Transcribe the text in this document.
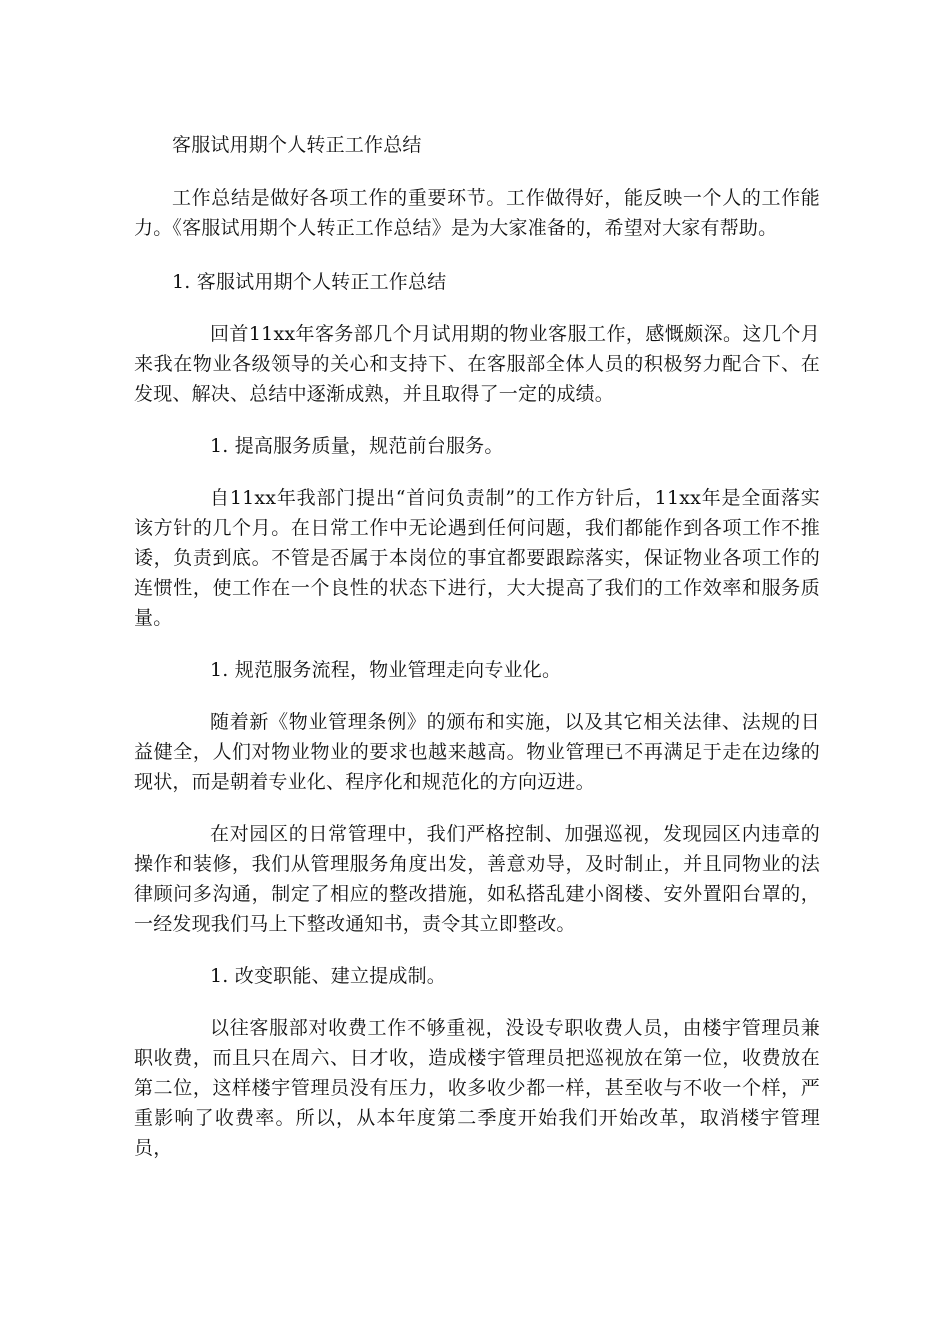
客服试用期个人转正工作总结

工作总结是做好各项工作的重要环节。工作做得好，能反映一个人的工作能力。《客服试用期个人转正工作总结》是为大家准备的，希望对大家有帮助。

1. 客服试用期个人转正工作总结

回首11xx年客务部几个月试用期的物业客服工作，感慨颇深。这几个月来我在物业各级领导的关心和支持下、在客服部全体人员的积极努力配合下、在发现、解决、总结中逐渐成熟，并且取得了一定的成绩。

1. 提高服务质量，规范前台服务。

自11xx年我部门提出“首问负责制”的工作方针后，11xx年是全面落实该方针的几个月。在日常工作中无论遇到任何问题，我们都能作到各项工作不推诿，负责到底。不管是否属于本岗位的事宜都要跟踪落实，保证物业各项工作的连惯性，使工作在一个良性的状态下进行，大大提高了我们的工作效率和服务质量。

1. 规范服务流程，物业管理走向专业化。

随着新《物业管理条例》的颁布和实施，以及其它相关法律、法规的日益健全，人们对物业物业的要求也越来越高。物业管理已不再满足于走在边缘的现状，而是朝着专业化、程序化和规范化的方向迈进。

在对园区的日常管理中，我们严格控制、加强巡视，发现园区内违章的操作和装修，我们从管理服务角度出发，善意劝导，及时制止，并且同物业的法律顾问多沟通，制定了相应的整改措施，如私搭乱建小阁楼、安外置阳台罩的，一经发现我们马上下整改通知书，责令其立即整改。

1. 改变职能、建立提成制。

以往客服部对收费工作不够重视，没设专职收费人员，由楼宇管理员兼职收费，而且只在周六、日才收，造成楼宇管理员把巡视放在第一位，收费放在第二位，这样楼宇管理员没有压力，收多收少都一样，甚至收与不收一个样，严重影响了收费率。所以，从本年度第二季度开始我们开始改革，取消楼宇管理员，
